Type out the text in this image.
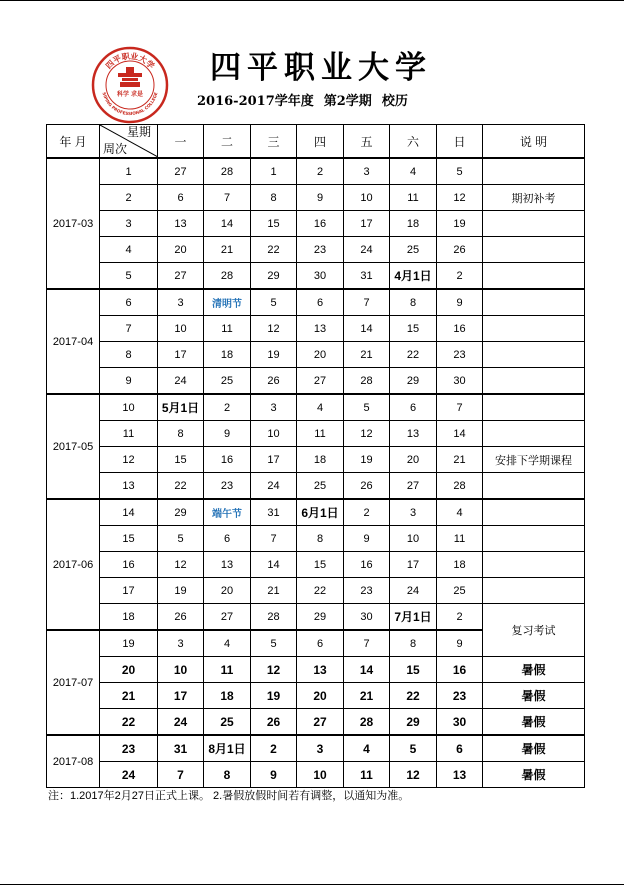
四平职业大学
SIPING PROFESSIONAL COLLEGE
科学 求是
四平职业大学
2016-2017学年度 第2学期 校历
年 月	星期
周次	一	二	三	四	五	六	日	说 明
2017-03	1	27	28	1	2	3	4	5	
	2	6	7	8	9	10	11	12	期初补考
	3	13	14	15	16	17	18	19	
	4	20	21	22	23	24	25	26	
	5	27	28	29	30	31	4月1日	2	
2017-04	6	3	清明节	5	6	7	8	9	
	7	10	11	12	13	14	15	16	
	8	17	18	19	20	21	22	23	
	9	24	25	26	27	28	29	30	
2017-05	10	5月1日	2	3	4	5	6	7	
	11	8	9	10	11	12	13	14	
	12	15	16	17	18	19	20	21	安排下学期课程
	13	22	23	24	25	26	27	28	
2017-06	14	29	端午节	31	6月1日	2	3	4	
	15	5	6	7	8	9	10	11	
	16	12	13	14	15	16	17	18	
	17	19	20	21	22	23	24	25	
	18	26	27	28	29	30	7月1日	2	复习考试
2017-07	19	3	4	5	6	7	8	9	
	20	10	11	12	13	14	15	16	暑假
	21	17	18	19	20	21	22	23	暑假
	22	24	25	26	27	28	29	30	暑假
2017-08	23	31	8月1日	2	3	4	5	6	暑假
	24	7	8	9	10	11	12	13	暑假
注：1.2017年2月27日正式上课。 2.暑假放假时间若有调整，以通知为准。
